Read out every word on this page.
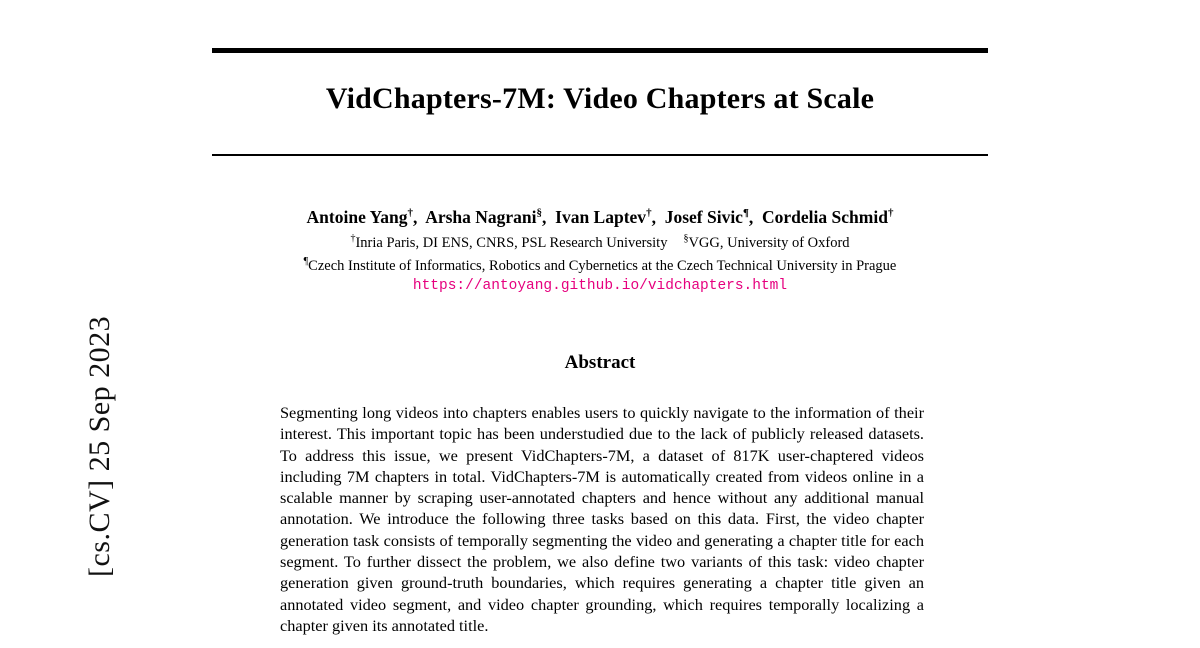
[cs.CV] 25 Sep 2023
VidChapters-7M: Video Chapters at Scale
Antoine Yang†,  Arsha Nagrani§,  Ivan Laptev†,  Josef Sivic¶,  Cordelia Schmid†
†Inria Paris, DI ENS, CNRS, PSL Research University §VGG, University of Oxford
¶Czech Institute of Informatics, Robotics and Cybernetics at the Czech Technical University in Prague
https://antoyang.github.io/vidchapters.html
Abstract

Segmenting long videos into chapters enables users to quickly navigate to the information of their interest. This important topic has been understudied due to the lack of publicly released datasets. To address this issue, we present VidChapters-7M, a dataset of 817K user-chaptered videos including 7M chapters in total. VidChapters-7M is automatically created from videos online in a scalable manner by scraping user-annotated chapters and hence without any additional manual annotation. We introduce the following three tasks based on this data. First, the video chapter generation task consists of temporally segmenting the video and generating a chapter title for each segment. To further dissect the problem, we also define two variants of this task: video chapter generation given ground-truth boundaries, which requires generating a chapter title given an annotated video segment, and video chapter grounding, which requires temporally localizing a chapter given its annotated title.
